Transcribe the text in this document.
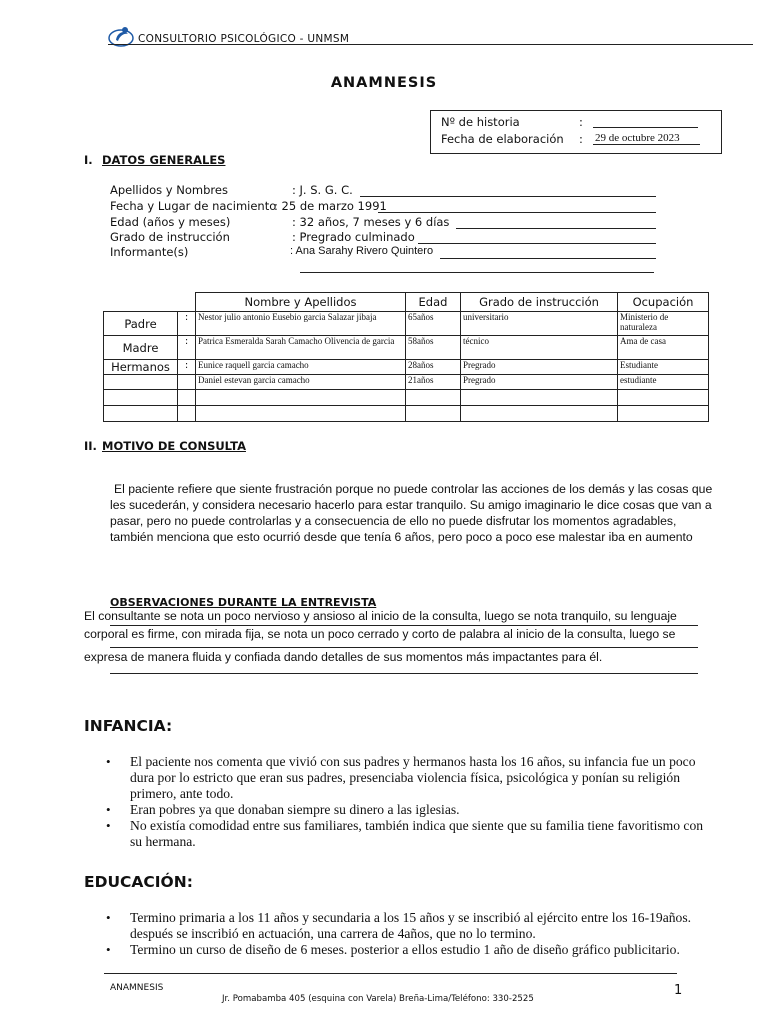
CONSULTORIO PSICOLÓGICO - UNMSM
ANAMNESIS
Nº de historia	:
Fecha de elaboración : 29 de octubre 2023
I. DATOS GENERALES
Apellidos y Nombres	: J. S. G. C.
Fecha y Lugar de nacimiento
: 25 de marzo 1991
Edad (años y meses)	: 32 años, 7 meses y 6 días
Grado de instrucción	: Pregrado culminado
Informante(s)	: Ana Sarahy Rivero Quintero
		Nombre y Apellidos	Edad	Grado de instrucción	Ocupación
Padre	:	Nestor julio antonio Eusebio garcia Salazar jibaja	65años	universitario	Ministerio de naturaleza
Madre	:	Patrica Esmeralda Sarah Camacho Olivencia de garcia	58años	técnico	Ama de casa
Hermanos	:	Eunice raquell garcia camacho	28años	Pregrado	Estudiante
		Daniel estevan garcia camacho	21años	Pregrado	estudiante

II. MOTIVO DE CONSULTA
El paciente refiere que siente frustración porque no puede controlar las acciones de los demás y las cosas que les sucederán, y considera necesario hacerlo para estar tranquilo. Su amigo imaginario le dice cosas que van a pasar, pero no puede controlarlas y a consecuencia de ello no puede disfrutar los momentos agradables, también menciona que esto ocurrió desde que tenía 6 años, pero poco a poco ese malestar iba en aumento
OBSERVACIONES DURANTE LA ENTREVISTA
El consultante se nota un poco nervioso y ansioso al inicio de la consulta, luego se nota tranquilo, su lenguaje
corporal es firme, con mirada fija, se nota un poco cerrado y corto de palabra al inicio de la consulta, luego se
expresa de manera fluida y confiada dando detalles de sus momentos más impactantes para él.
INFANCIA:
• El paciente nos comenta que vivió con sus padres y hermanos hasta los 16 años, su infancia fue un poco dura por lo estricto que eran sus padres, presenciaba violencia física, psicológica y ponían su religión primero, ante todo.
• Eran pobres ya que donaban siempre su dinero a las iglesias.
• No existía comodidad entre sus familiares, también indica que siente que su familia tiene favoritismo con su hermana.
EDUCACIÓN:
• Termino primaria a los 11 años y secundaria a los 15 años y se inscribió al ejército entre los 16-19años. después se inscribió en actuación, una carrera de 4años, que no lo termino.
• Termino un curso de diseño de 6 meses. posterior a ellos estudio 1 año de diseño gráfico publicitario.
ANAMNESIS	1
Jr. Pomabamba 405 (esquina con Varela) Breña-Lima/Teléfono: 330-2525
